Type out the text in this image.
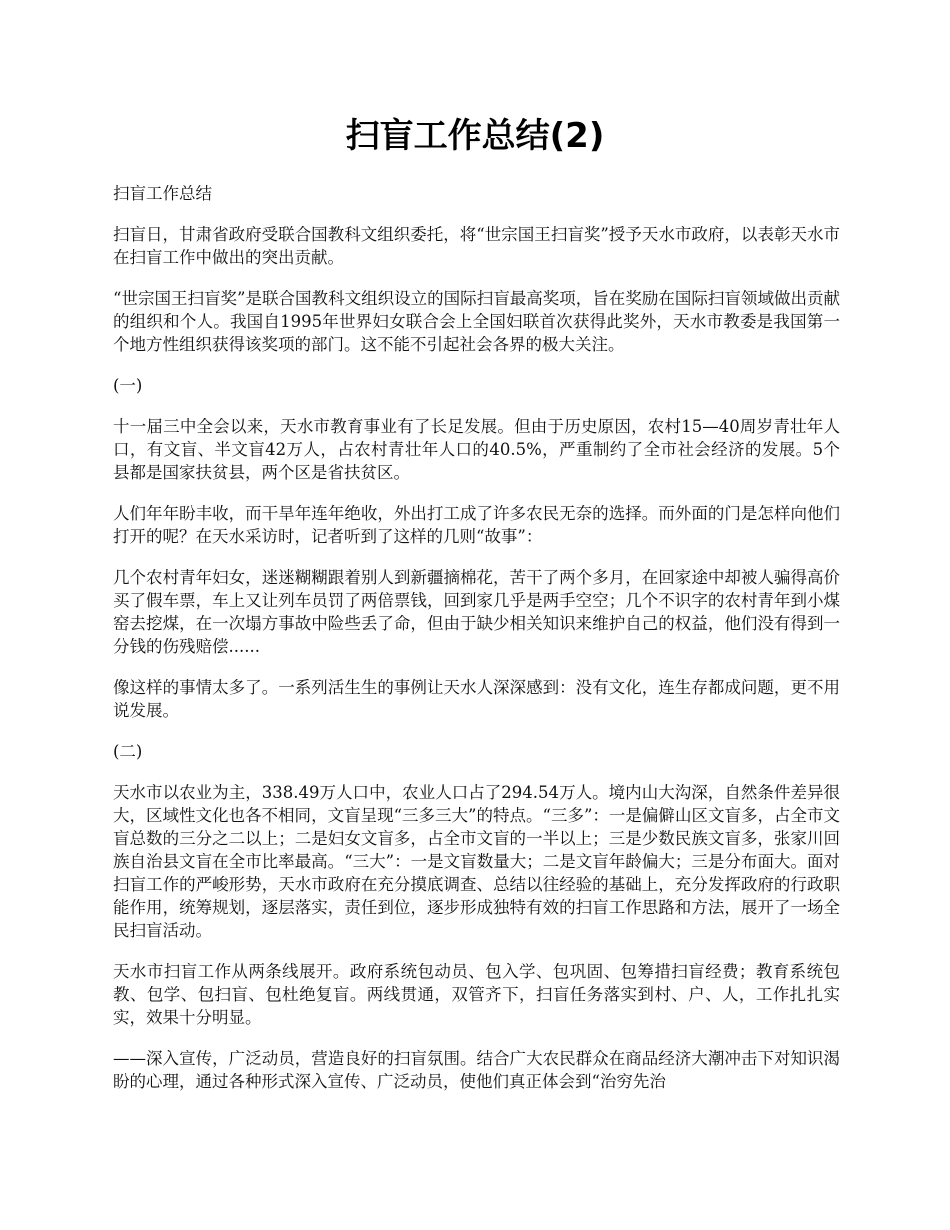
扫盲工作总结(2)

扫盲工作总结

扫盲日，甘肃省政府受联合国教科文组织委托，将“世宗国王扫盲奖”授予天水市政府，以表彰天水市在扫盲工作中做出的突出贡献。

“世宗国王扫盲奖”是联合国教科文组织设立的国际扫盲最高奖项，旨在奖励在国际扫盲领域做出贡献的组织和个人。我国自1995年世界妇女联合会上全国妇联首次获得此奖外，天水市教委是我国第一个地方性组织获得该奖项的部门。这不能不引起社会各界的极大关注。

(一)

十一届三中全会以来，天水市教育事业有了长足发展。但由于历史原因，农村15—40周岁青壮年人口，有文盲、半文盲42万人，占农村青壮年人口的40.5%，严重制约了全市社会经济的发展。5个县都是国家扶贫县，两个区是省扶贫区。

人们年年盼丰收，而干旱年连年绝收，外出打工成了许多农民无奈的选择。而外面的门是怎样向他们打开的呢？在天水采访时，记者听到了这样的几则“故事”：

几个农村青年妇女，迷迷糊糊跟着别人到新疆摘棉花，苦干了两个多月，在回家途中却被人骗得高价买了假车票，车上又让列车员罚了两倍票钱，回到家几乎是两手空空；几个不识字的农村青年到小煤窑去挖煤，在一次塌方事故中险些丢了命，但由于缺少相关知识来维护自己的权益，他们没有得到一分钱的伤残赔偿......

像这样的事情太多了。一系列活生生的事例让天水人深深感到：没有文化，连生存都成问题，更不用说发展。

(二)

天水市以农业为主，338.49万人口中，农业人口占了294.54万人。境内山大沟深，自然条件差异很大，区域性文化也各不相同，文盲呈现“三多三大”的特点。“三多”：一是偏僻山区文盲多，占全市文盲总数的三分之二以上；二是妇女文盲多，占全市文盲的一半以上；三是少数民族文盲多，张家川回族自治县文盲在全市比率最高。“三大”：一是文盲数量大；二是文盲年龄偏大；三是分布面大。面对扫盲工作的严峻形势，天水市政府在充分摸底调查、总结以往经验的基础上，充分发挥政府的行政职能作用，统筹规划，逐层落实，责任到位，逐步形成独特有效的扫盲工作思路和方法，展开了一场全民扫盲活动。

天水市扫盲工作从两条线展开。政府系统包动员、包入学、包巩固、包筹措扫盲经费；教育系统包教、包学、包扫盲、包杜绝复盲。两线贯通，双管齐下，扫盲任务落实到村、户、人，工作扎扎实实，效果十分明显。

——深入宣传，广泛动员，营造良好的扫盲氛围。结合广大农民群众在商品经济大潮冲击下对知识渴盼的心理，通过各种形式深入宣传、广泛动员，使他们真正体会到“治穷先治
